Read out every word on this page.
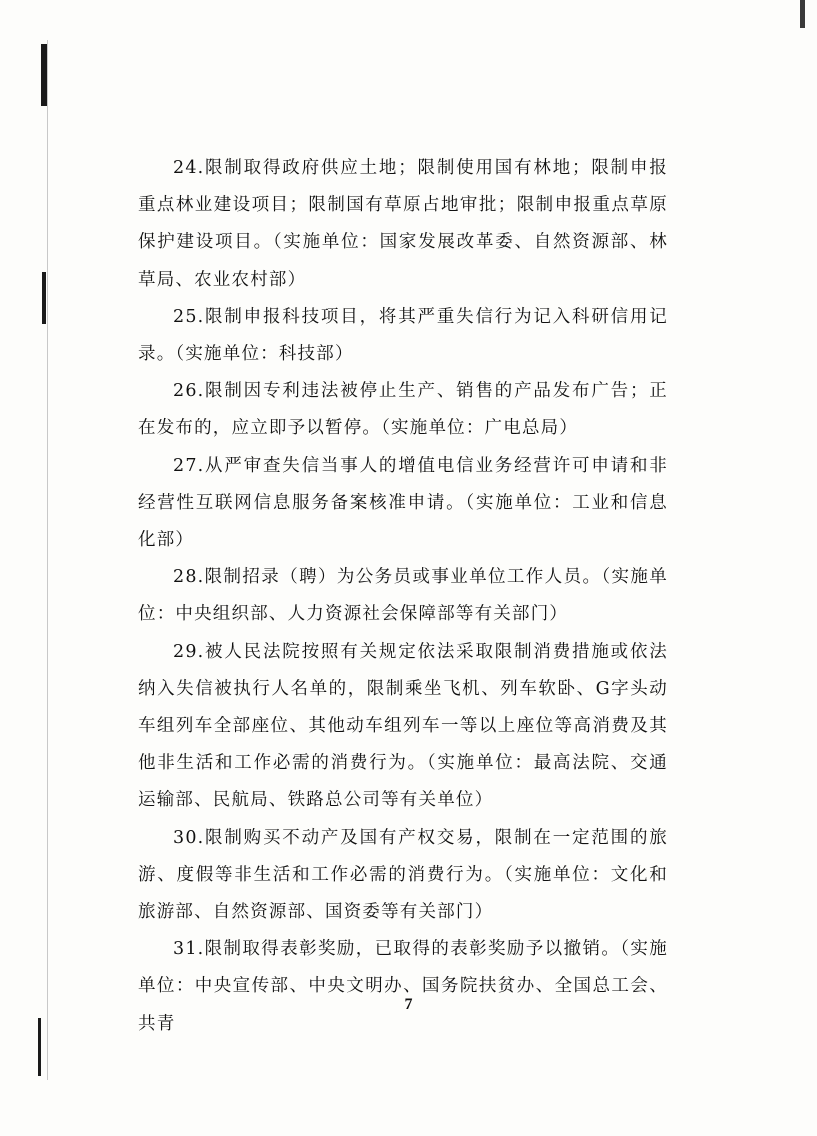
24.限制取得政府供应土地；限制使用国有林地；限制申报重点林业建设项目；限制国有草原占地审批；限制申报重点草原保护建设项目。（实施单位：国家发展改革委、自然资源部、林草局、农业农村部）

25.限制申报科技项目，将其严重失信行为记入科研信用记录。（实施单位：科技部）

26.限制因专利违法被停止生产、销售的产品发布广告；正在发布的，应立即予以暂停。（实施单位：广电总局）

27.从严审查失信当事人的增值电信业务经营许可申请和非经营性互联网信息服务备案核准申请。（实施单位：工业和信息化部）

28.限制招录（聘）为公务员或事业单位工作人员。（实施单位：中央组织部、人力资源社会保障部等有关部门）

29.被人民法院按照有关规定依法采取限制消费措施或依法纳入失信被执行人名单的，限制乘坐飞机、列车软卧、G字头动车组列车全部座位、其他动车组列车一等以上座位等高消费及其他非生活和工作必需的消费行为。（实施单位：最高法院、交通运输部、民航局、铁路总公司等有关单位）

30.限制购买不动产及国有产权交易，限制在一定范围的旅游、度假等非生活和工作必需的消费行为。（实施单位：文化和旅游部、自然资源部、国资委等有关部门）

31.限制取得表彰奖励，已取得的表彰奖励予以撤销。（实施单位：中央宣传部、中央文明办、国务院扶贫办、全国总工会、共青

7
